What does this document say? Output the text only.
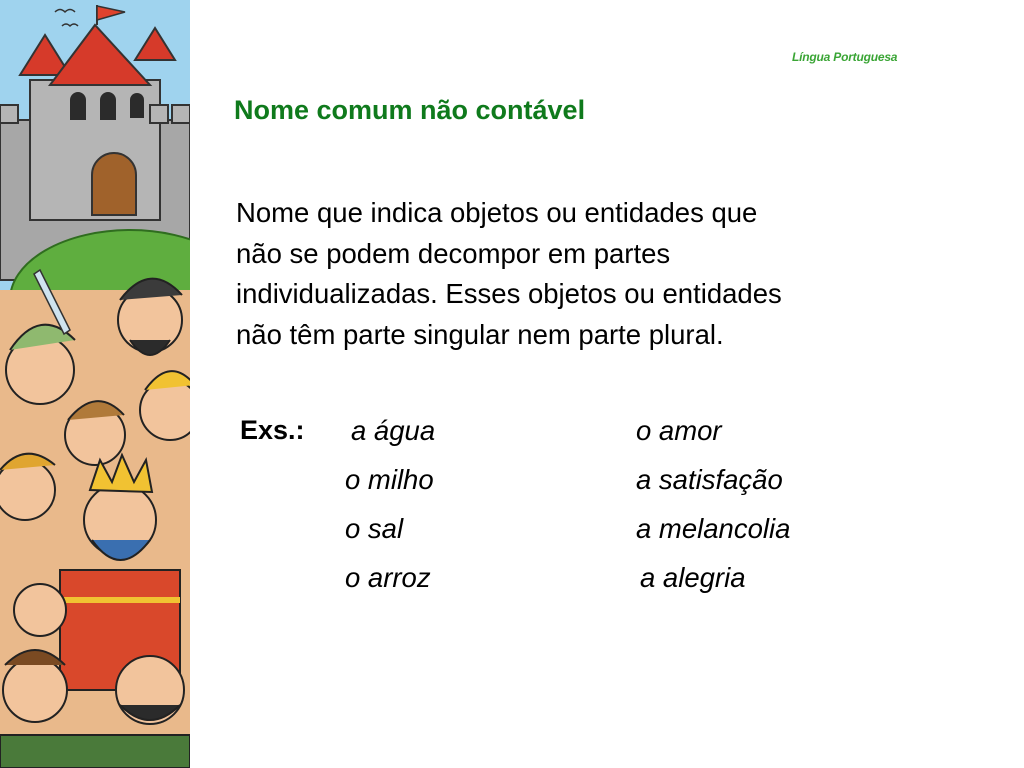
Língua Portuguesa
Nome comum não contável
Nome que indica objetos ou entidades que
não se podem decompor em partes
individualizadas. Esses objetos ou entidades
não têm parte singular nem parte plural.
Exs.: a água
o milho
o sal
o arroz
o amor
a satisfação
a melancolia
a alegria
